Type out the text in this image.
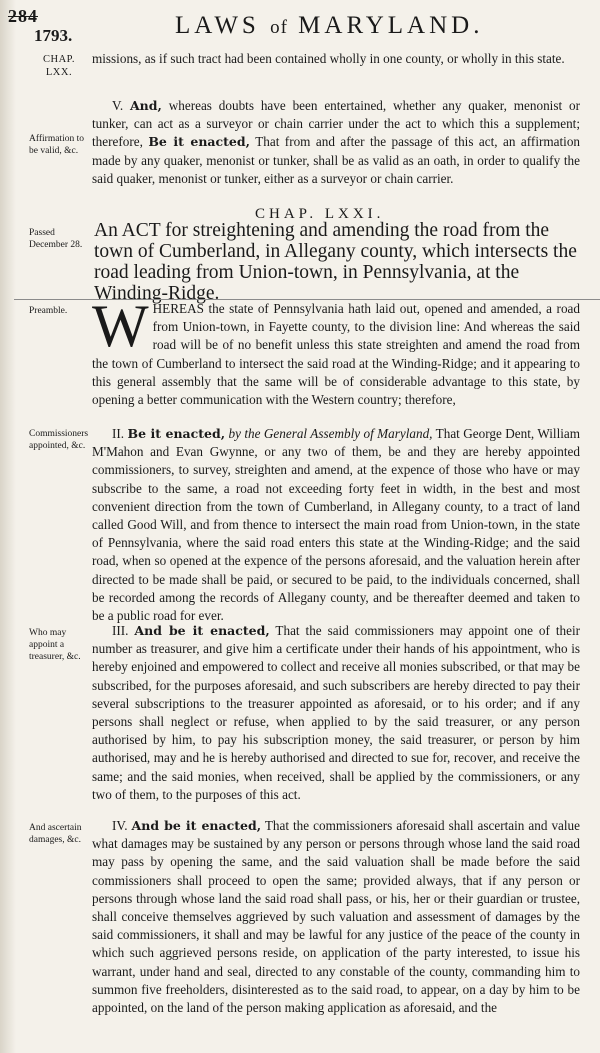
284
1793.	LAWS of MARYLAND.
CHAP. LXX.

missions, as if such tract had been contained wholly in one county, or wholly in this state.

Affirmation to be valid, &c.

V. And, whereas doubts have been entertained, whether any quaker, menonist or tunker, can act as a surveyor or chain carrier under the act to which this a supplement; therefore, Be it enacted, That from and after the passage of this act, an affirmation made by any quaker, menonist or tunker, shall be as valid as an oath, in order to qualify the said quaker, menonist or tunker, either as a surveyor or chain carrier.

CHAP. LXXI.
Passed December 28.
An ACT for streightening and amending the road from the town of Cumberland, in Allegany county, which intersects the road leading from Union-town, in Pennsylvania, at the Winding-Ridge.
Preamble. WHEREAS the state of Pennsylvania hath laid out, opened and amended, a road from Union-town, in Fayette county, to the division line: And whereas the said road will be of no benefit unless this state streighten and amend the road from the town of Cumberland to intersect the said road at the Winding-Ridge; and it appearing to this general assembly that the same will be of considerable advantage to this state, by opening a better communication with the Western country; therefore,

Commissioners appointed, &c.

II. Be it enacted, by the General Assembly of Maryland, That George Dent, William M'Mahon and Evan Gwynne, or any two of them, be and they are hereby appointed commissioners, to survey, streighten and amend, at the expence of those who have or may subscribe to the same, a road not exceeding forty feet in width, in the best and most convenient direction from the town of Cumberland, in Allegany county, to a tract of land called Good Will, and from thence to intersect the main road from Union-town, in the state of Pennsylvania, where the said road enters this state at the Winding-Ridge; and the said road, when so opened at the expence of the persons aforesaid, and the valuation herein after directed to be made shall be paid, or secured to be paid, to the individuals concerned, shall be recorded among the records of Allegany county, and be thereafter deemed and taken to be a public road for ever.

Who may appoint a treasurer, &c.

III. And be it enacted, That the said commissioners may appoint one of their number as treasurer, and give him a certificate under their hands of his appointment, who is hereby enjoined and empowered to collect and receive all monies subscribed, or that may be subscribed, for the purposes aforesaid, and such subscribers are hereby directed to pay their several subscriptions to the treasurer appointed as aforesaid, or to his order; and if any persons shall neglect or refuse, when applied to by the said treasurer, or any person authorised by him, to pay his subscription money, the said treasurer, or person by him authorised, may and he is hereby authorised and directed to sue for, recover, and receive the same; and the said monies, when received, shall be applied by the commissioners, or any two of them, to the purposes of this act.

And ascertain damages, &c.

IV. And be it enacted, That the commissioners aforesaid shall ascertain and value what damages may be sustained by any person or persons through whose land the said road may pass by opening the same, and the said valuation shall be made before the said commissioners shall proceed to open the same; provided always, that if any person or persons through whose land the said road shall pass, or his, her or their guardian or trustee, shall conceive themselves aggrieved by such valuation and assessment of damages by the said commissioners, it shall and may be lawful for any justice of the peace of the county in which such aggrieved persons reside, on application of the party interested, to issue his warrant, under hand and seal, directed to any constable of the county, commanding him to summon five freeholders, disinterested as to the said road, to appear, on a day by him to be appointed, on the land of the person making application as aforesaid, and the
